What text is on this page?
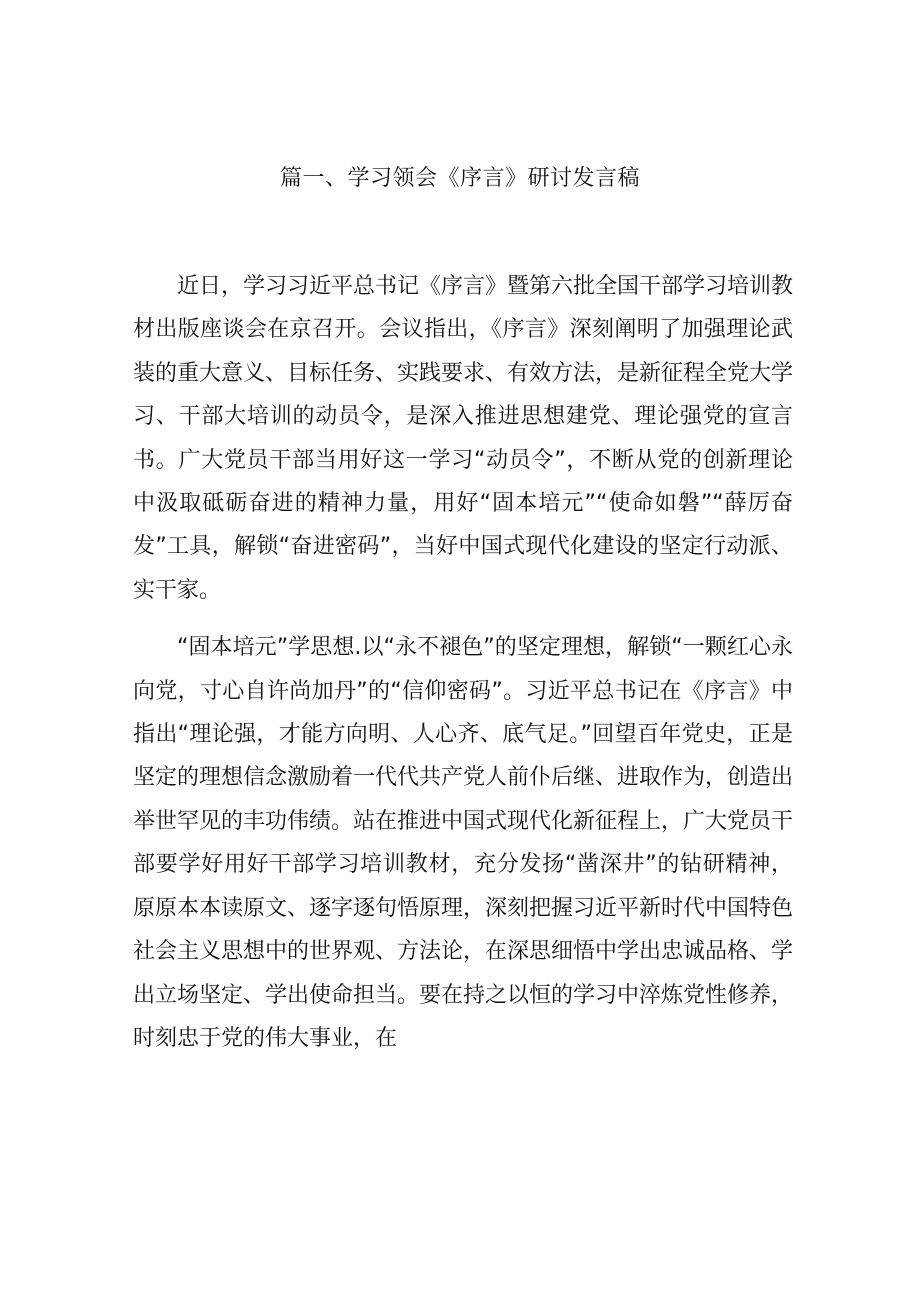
篇一、学习领会《序言》研讨发言稿

近日，学习习近平总书记《序言》暨第六批全国干部学习培训教材出版座谈会在京召开。会议指出，《序言》深刻阐明了加强理论武装的重大意义、目标任务、实践要求、有效方法，是新征程全党大学习、干部大培训的动员令，是深入推进思想建党、理论强党的宣言书。广大党员干部当用好这一学习“动员令”，不断从党的创新理论中汲取砥砺奋进的精神力量，用好“固本培元”“使命如磐”“薛厉奋发”工具，解锁“奋进密码”，当好中国式现代化建设的坚定行动派、实干家。

“固本培元”学思想.以“永不褪色”的坚定理想，解锁“一颗红心永向党，寸心自许尚加丹”的“信仰密码”。习近平总书记在《序言》中指出“理论强，才能方向明、人心齐、底气足。”回望百年党史，正是坚定的理想信念激励着一代代共产党人前仆后继、进取作为，创造出举世罕见的丰功伟绩。站在推进中国式现代化新征程上，广大党员干部要学好用好干部学习培训教材，充分发扬“凿深井”的钻研精神，原原本本读原文、逐字逐句悟原理，深刻把握习近平新时代中国特色社会主义思想中的世界观、方法论，在深思细悟中学出忠诚品格、学出立场坚定、学出使命担当。要在持之以恒的学习中淬炼党性修养，时刻忠于党的伟大事业，在
